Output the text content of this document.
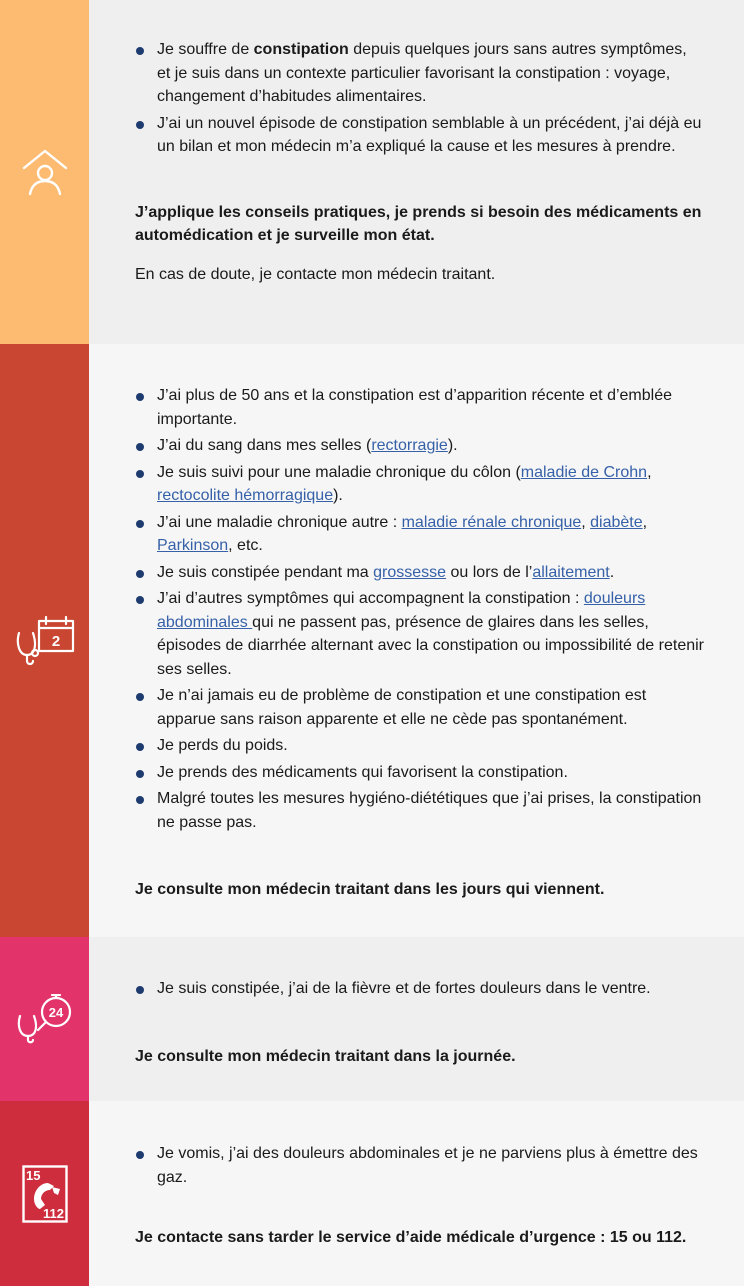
Je souffre de constipation depuis quelques jours sans autres symptômes, et je suis dans un contexte particulier favorisant la constipation : voyage, changement d’habitudes alimentaires.
J’ai un nouvel épisode de constipation semblable à un précédent, j’ai déjà eu un bilan et mon médecin m’a expliqué la cause et les mesures à prendre.

J’applique les conseils pratiques, je prends si besoin des médicaments en automédication et je surveille mon état.

En cas de doute, je contacte mon médecin traitant.

2
J’ai plus de 50 ans et la constipation est d’apparition récente et d’emblée importante.
J’ai du sang dans mes selles (rectorragie).
Je suis suivi pour une maladie chronique du côlon (maladie de Crohn, rectocolite hémorragique).
J’ai une maladie chronique autre : maladie rénale chronique, diabète, Parkinson, etc.
Je suis constipée pendant ma grossesse ou lors de l’allaitement.
J’ai d’autres symptômes qui accompagnent la constipation : douleurs abdominales qui ne passent pas, présence de glaires dans les selles, épisodes de diarrhée alternant avec la constipation ou impossibilité de retenir ses selles.
Je n’ai jamais eu de problème de constipation et une constipation est apparue sans raison apparente et elle ne cède pas spontanément.
Je perds du poids.
Je prends des médicaments qui favorisent la constipation.
Malgré toutes les mesures hygiéno-diététiques que j’ai prises, la constipation ne passe pas.

Je consulte mon médecin traitant dans les jours qui viennent.

24
Je suis constipée, j’ai de la fièvre et de fortes douleurs dans le ventre.

Je consulte mon médecin traitant dans la journée.

15
112
Je vomis, j’ai des douleurs abdominales et je ne parviens plus à émettre des gaz.

Je contacte sans tarder le service d’aide médicale d’urgence : 15 ou 112.
